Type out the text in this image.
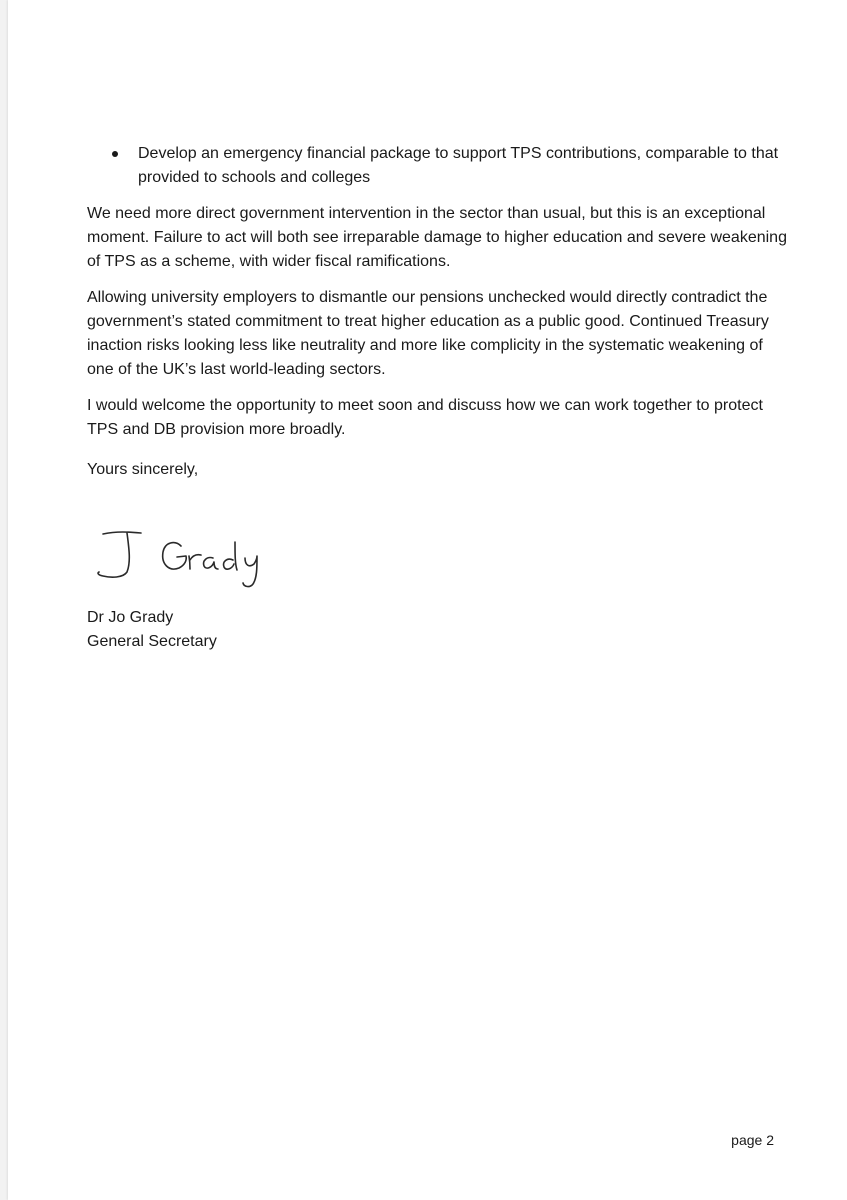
Develop an emergency financial package to support TPS contributions, comparable to that provided to schools and colleges

We need more direct government intervention in the sector than usual, but this is an exceptional moment. Failure to act will both see irreparable damage to higher education and severe weakening of TPS as a scheme, with wider fiscal ramifications.

Allowing university employers to dismantle our pensions unchecked would directly contradict the government’s stated commitment to treat higher education as a public good. Continued Treasury inaction risks looking less like neutrality and more like complicity in the systematic weakening of one of the UK’s last world-leading sectors.

I would welcome the opportunity to meet soon and discuss how we can work together to protect TPS and DB provision more broadly.

Yours sincerely,

Dr Jo Grady
General Secretary
page 2
